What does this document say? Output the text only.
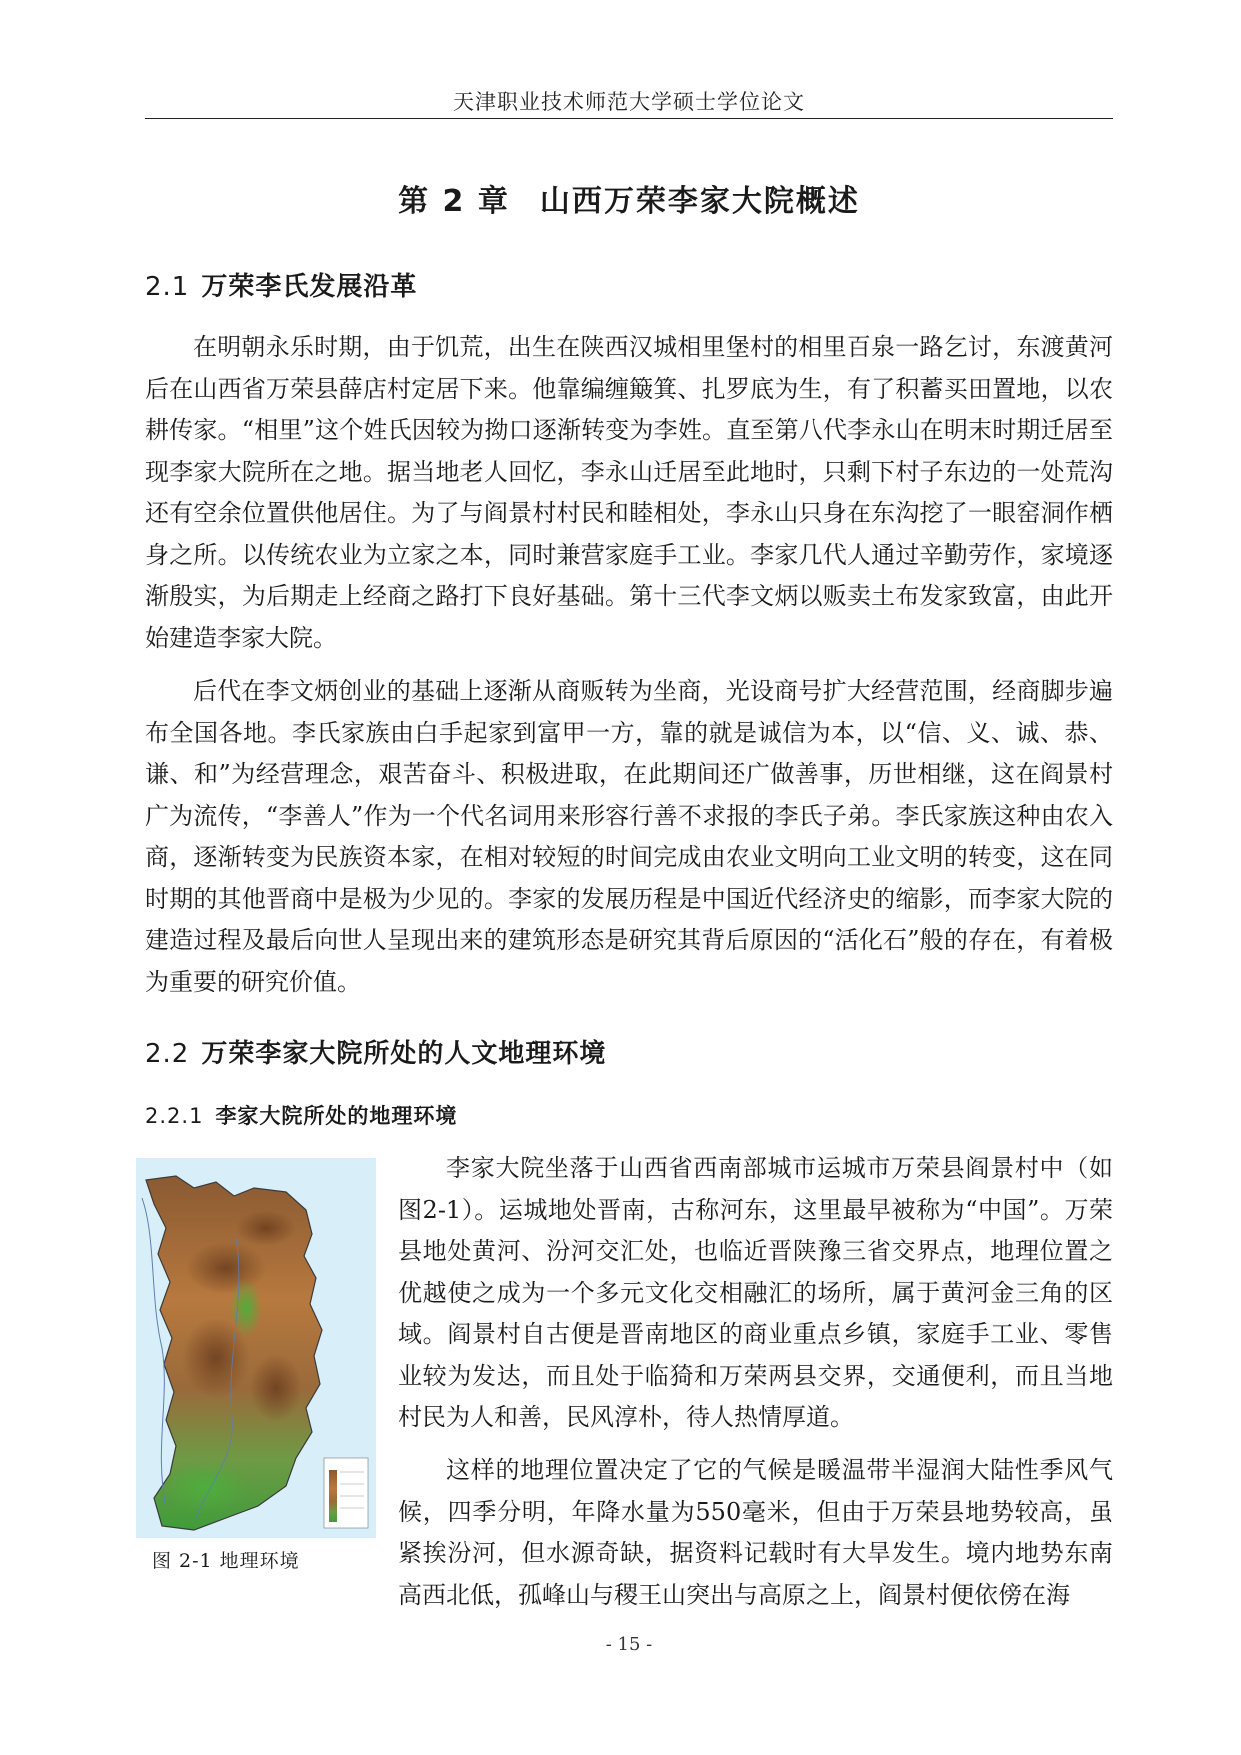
天津职业技术师范大学硕士学位论文
第 2 章 山西万荣李家大院概述
2.1 万荣李氏发展沿革

在明朝永乐时期，由于饥荒，出生在陕西汉城相里堡村的相里百泉一路乞讨，东渡黄河后在山西省万荣县薛店村定居下来。他靠编缠簸箕、扎罗底为生，有了积蓄买田置地，以农耕传家。“相里”这个姓氏因较为拗口逐渐转变为李姓。直至第八代李永山在明末时期迁居至现李家大院所在之地。据当地老人回忆，李永山迁居至此地时，只剩下村子东边的一处荒沟还有空余位置供他居住。为了与阎景村村民和睦相处，李永山只身在东沟挖了一眼窑洞作栖身之所。以传统农业为立家之本，同时兼营家庭手工业。李家几代人通过辛勤劳作，家境逐渐殷实，为后期走上经商之路打下良好基础。第十三代李文炳以贩卖土布发家致富，由此开始建造李家大院。

后代在李文炳创业的基础上逐渐从商贩转为坐商，光设商号扩大经营范围，经商脚步遍布全国各地。李氏家族由白手起家到富甲一方，靠的就是诚信为本，以“信、义、诚、恭、谦、和”为经营理念，艰苦奋斗、积极进取，在此期间还广做善事，历世相继，这在阎景村广为流传，“李善人”作为一个代名词用来形容行善不求报的李氏子弟。李氏家族这种由农入商，逐渐转变为民族资本家，在相对较短的时间完成由农业文明向工业文明的转变，这在同时期的其他晋商中是极为少见的。李家的发展历程是中国近代经济史的缩影，而李家大院的建造过程及最后向世人呈现出来的建筑形态是研究其背后原因的“活化石”般的存在，有着极为重要的研究价值。

2.2 万荣李家大院所处的人文地理环境
2.2.1 李家大院所处的地理环境

李家大院坐落于山西省西南部城市运城市万荣县阎景村中（如图2-1）。运城地处晋南，古称河东，这里最早被称为“中国”。万荣县地处黄河、汾河交汇处，也临近晋陕豫三省交界点，地理位置之优越使之成为一个多元文化交相融汇的场所，属于黄河金三角的区域。阎景村自古便是晋南地区的商业重点乡镇，家庭手工业、零售业较为发达，而且处于临猗和万荣两县交界，交通便利，而且当地村民为人和善，民风淳朴，待人热情厚道。

这样的地理位置决定了它的气候是暖温带半湿润大陆性季风气候，四季分明，年降水量为550毫米，但由于万荣县地势较高，虽紧挨汾河，但水源奇缺，据资料记载时有大旱发生。境内地势东南高西北低，孤峰山与稷王山突出与高原之上，阎景村便依傍在海

图 2-1 地理环境
- 15 -
